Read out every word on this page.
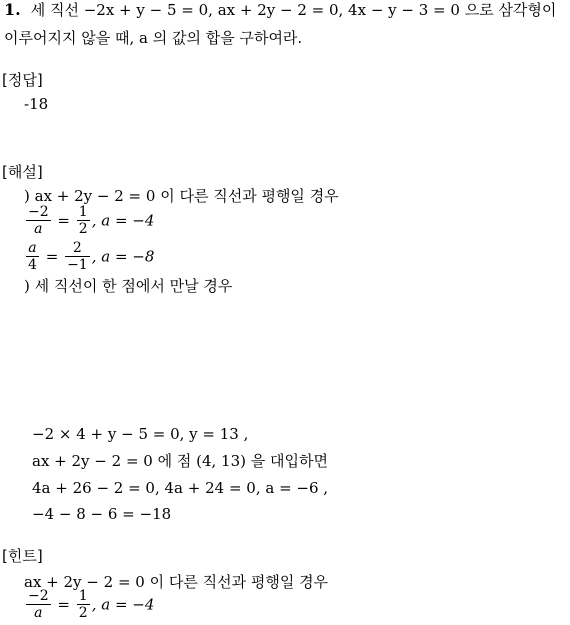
1. 세 직선 −2x + y − 5 = 0, ax + 2y − 2 = 0, 4x − y − 3 = 0 으로 삼각형이
이루어지지 않을 때, a 의 값의 합을 구하여라.
[정답]
-18
[해설]
) ax + 2y − 2 = 0 이 다른 직선과 평행일 경우
$\frac{-2}{a} = \frac{1}{2}$ , a = −4
$\frac{a}{4} = \frac{2}{-1}$ , a = −8
) 세 직선이 한 점에서 만날 경우
−2 × 4 + y − 5 = 0, y = 13 ,
ax + 2y − 2 = 0 에 점 (4, 13) 을 대입하면
4a + 26 − 2 = 0, 4a + 24 = 0, a = −6 ,
−4 − 8 − 6 = −18
[힌트]
ax + 2y − 2 = 0 이 다른 직선과 평행일 경우
$\frac{-2}{a} = \frac{1}{2}$ , a = −4
